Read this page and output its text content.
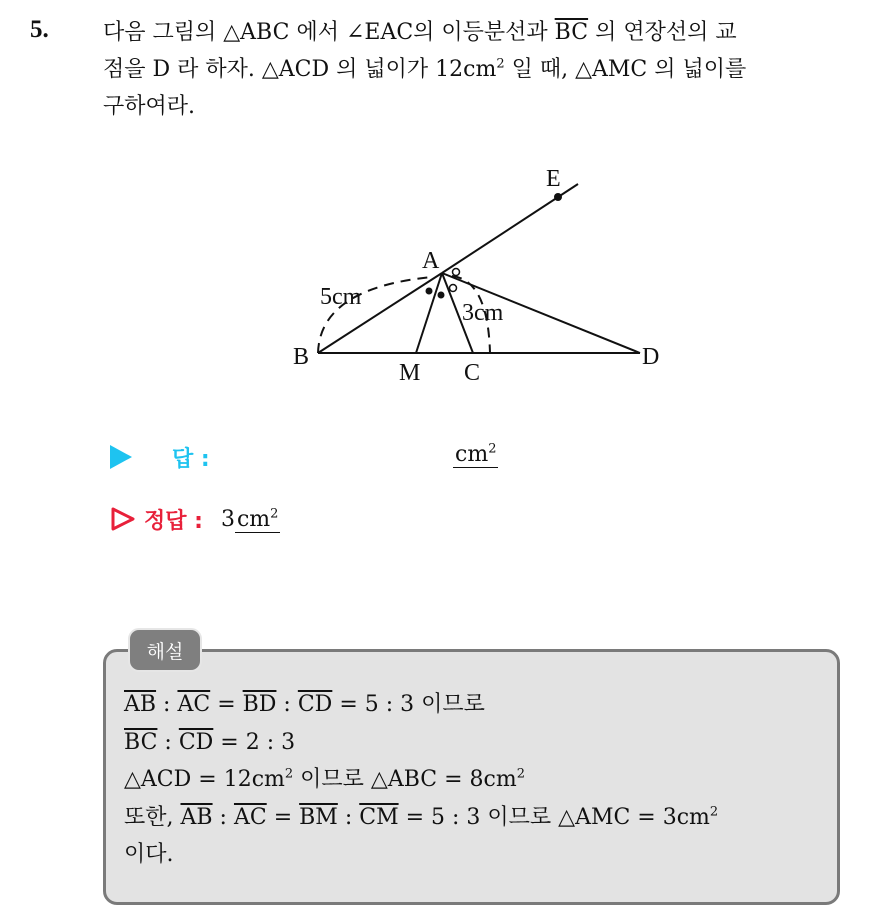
5. 다음 그림의 △ABC 에서 ∠EAC의 이등분선과 $\overline{BC}$ 의 연장선의 교
점을 D 라 하자. △ACD 의 넓이가 $12cm^2$ 일 때, △AMC 의 넓이를
구하여라.
E
A
B
M C
D
5cm
3cm
답 :	$cm^2$
정답 : $3cm^2$
해설
$\overline{AB}$ : $\overline{AC} = \overline{BD}$ : $\overline{CD} = 5$ : 3 이므로
$\overline{BC}$ : $\overline{CD} = 2$ : 3
△ACD = $12cm^2$ 이므로 △ABC = $8cm^2$
또한, $\overline{AB}$ : $\overline{AC} = \overline{BM}$ : $\overline{CM} = 5$ : 3 이므로 △AMC = $3cm^2$
이다.
